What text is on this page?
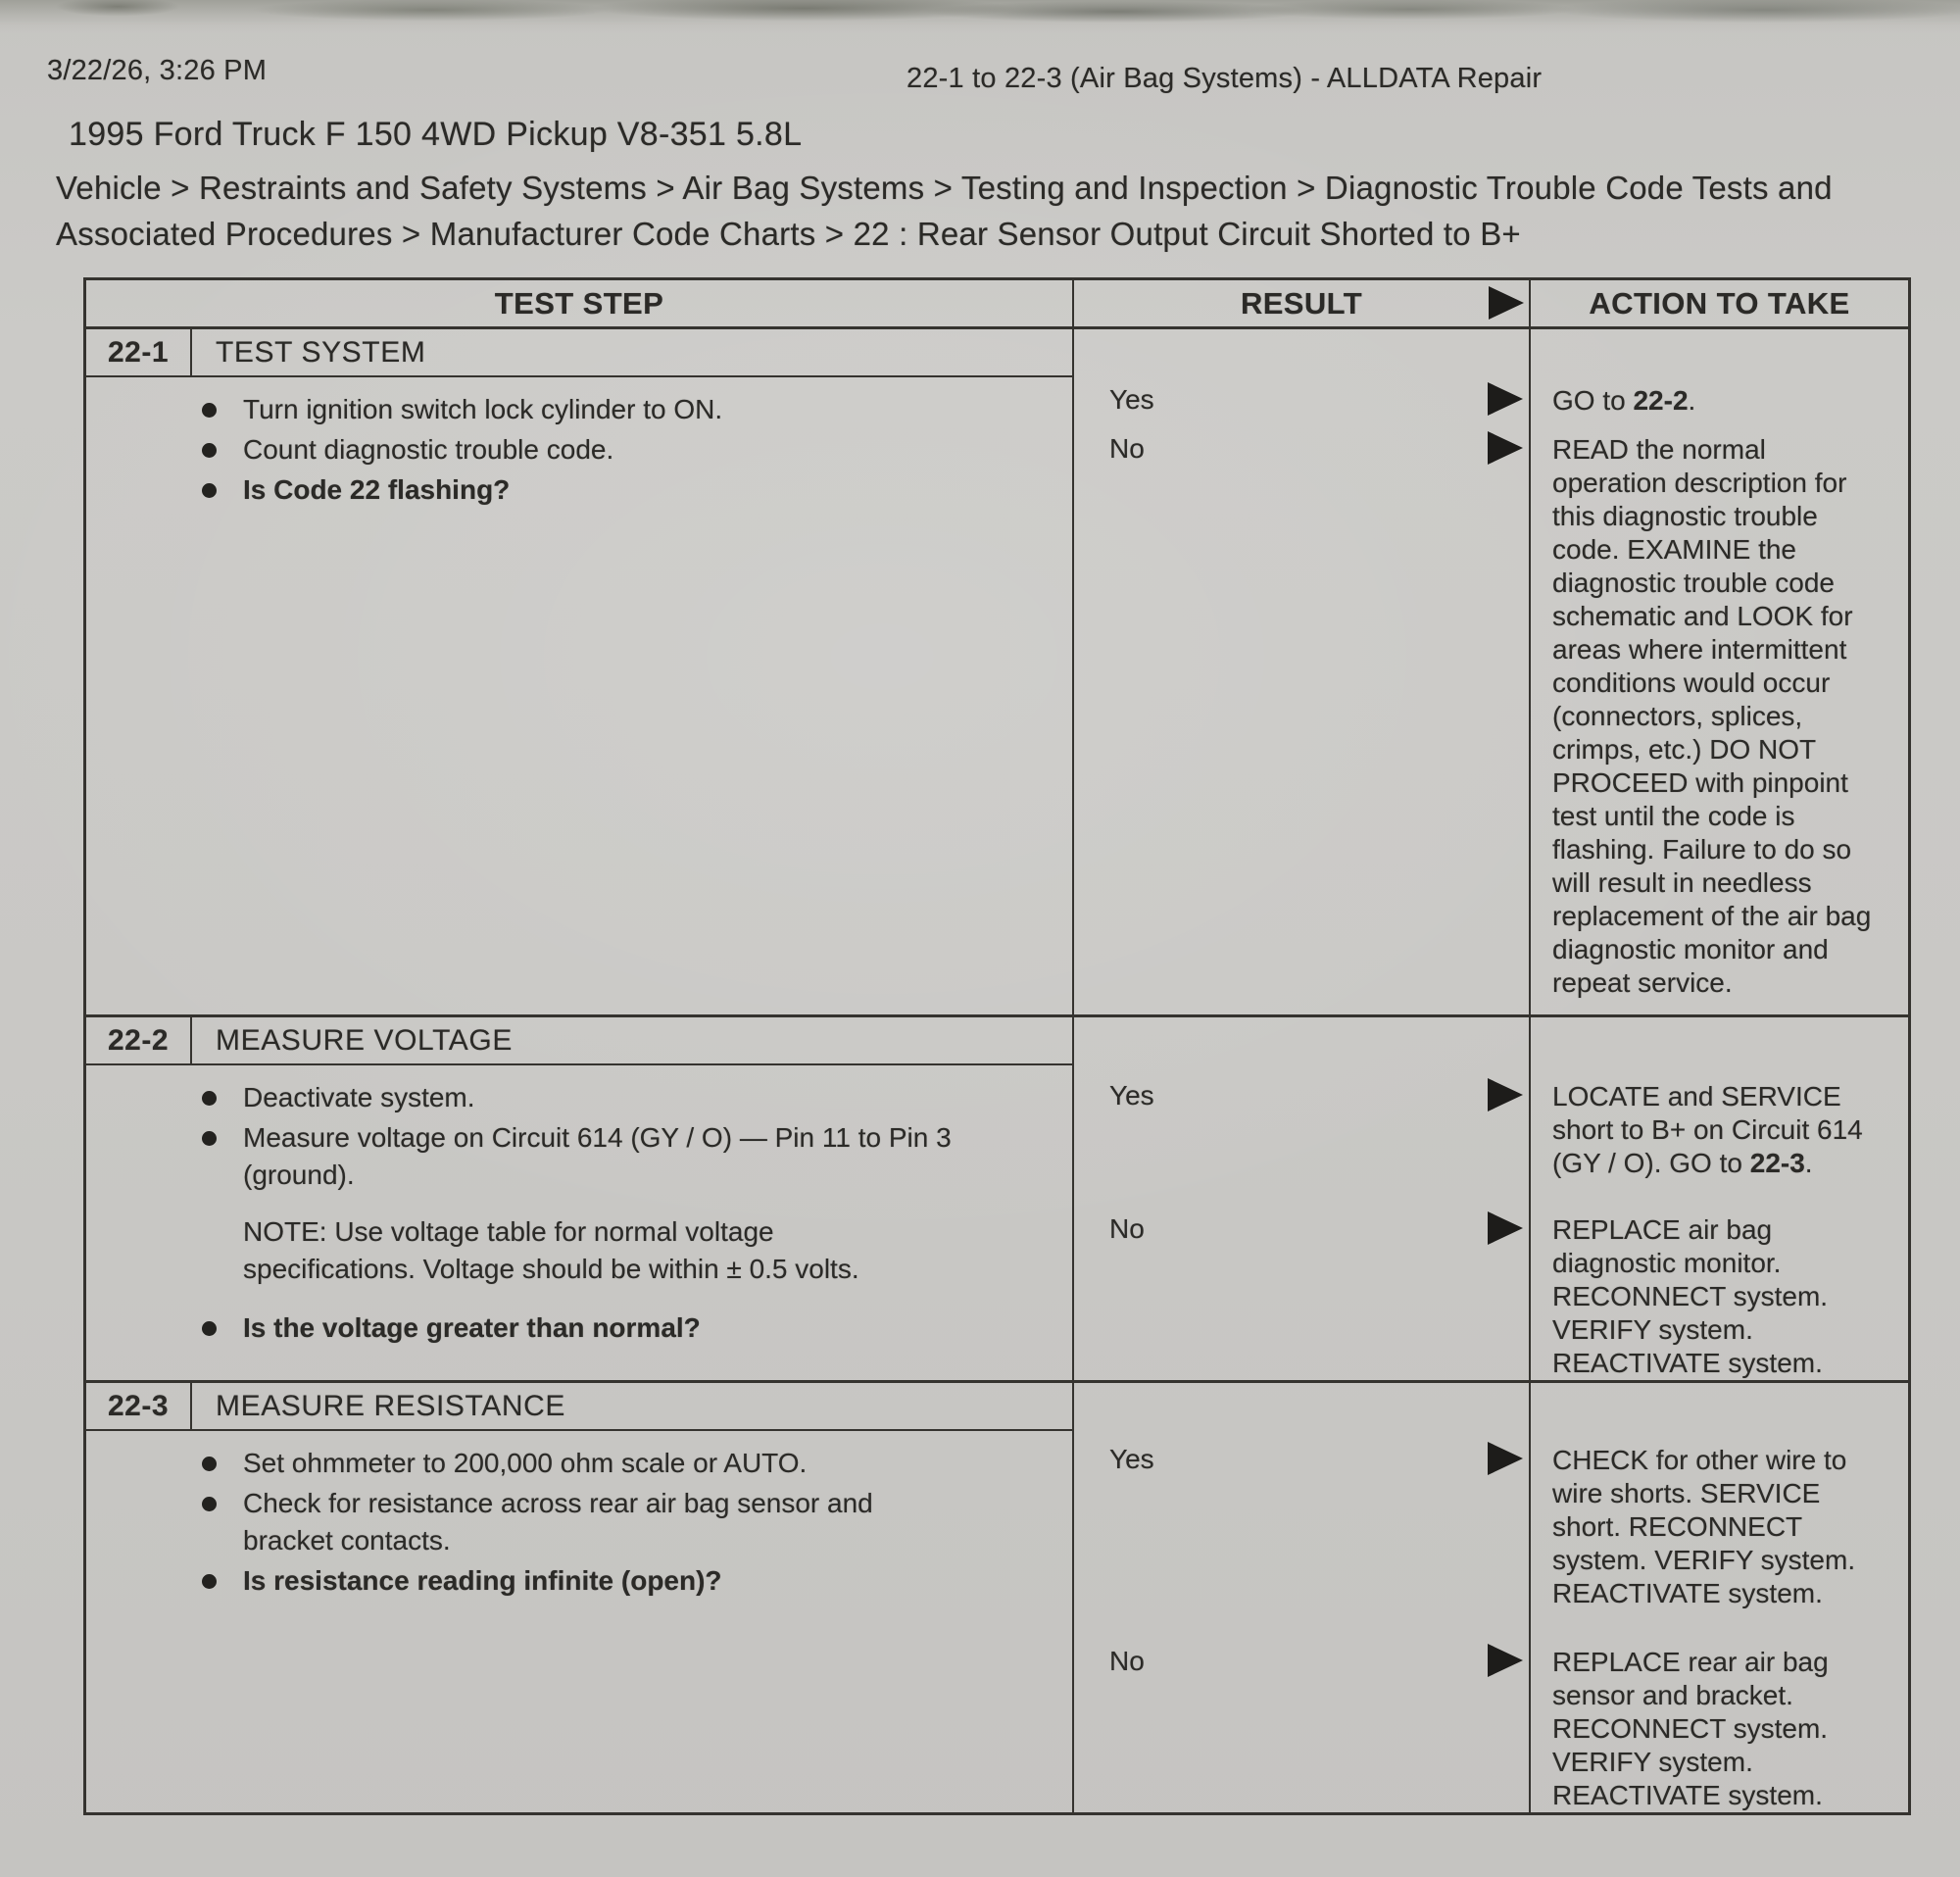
3/22/26, 3:26 PM	22-1 to 22-3 (Air Bag Systems) - ALLDATA Repair
1995 Ford Truck F 150 4WD Pickup V8-351 5.8L
Vehicle > Restraints and Safety Systems > Air Bag Systems > Testing and Inspection > Diagnostic Trouble Code Tests and Associated Procedures > Manufacturer Code Charts > 22 : Rear Sensor Output Circuit Shorted to B+
TEST STEP	RESULT	ACTION TO TAKE
22-1	TEST SYSTEM
Turn ignition switch lock cylinder to ON.
Count diagnostic trouble code.
Is Code 22 flashing?
Yes	GO to 22-2.
No	READ the normal operation description for this diagnostic trouble code. EXAMINE the diagnostic trouble code schematic and LOOK for areas where intermittent conditions would occur (connectors, splices, crimps, etc.) DO NOT PROCEED with pinpoint test until the code is flashing. Failure to do so will result in needless replacement of the air bag diagnostic monitor and repeat service.
22-2	MEASURE VOLTAGE
Deactivate system.
Measure voltage on Circuit 614 (GY / O) — Pin 11 to Pin 3 (ground).
NOTE: Use voltage table for normal voltage specifications. Voltage should be within ± 0.5 volts.
Is the voltage greater than normal?
Yes	LOCATE and SERVICE short to B+ on Circuit 614 (GY / O). GO to 22-3.
No	REPLACE air bag diagnostic monitor. RECONNECT system. VERIFY system. REACTIVATE system.
22-3	MEASURE RESISTANCE
Set ohmmeter to 200,000 ohm scale or AUTO.
Check for resistance across rear air bag sensor and bracket contacts.
Is resistance reading infinite (open)?
Yes	CHECK for other wire to wire shorts. SERVICE short. RECONNECT system. VERIFY system. REACTIVATE system.
No	REPLACE rear air bag sensor and bracket. RECONNECT system. VERIFY system. REACTIVATE system.
